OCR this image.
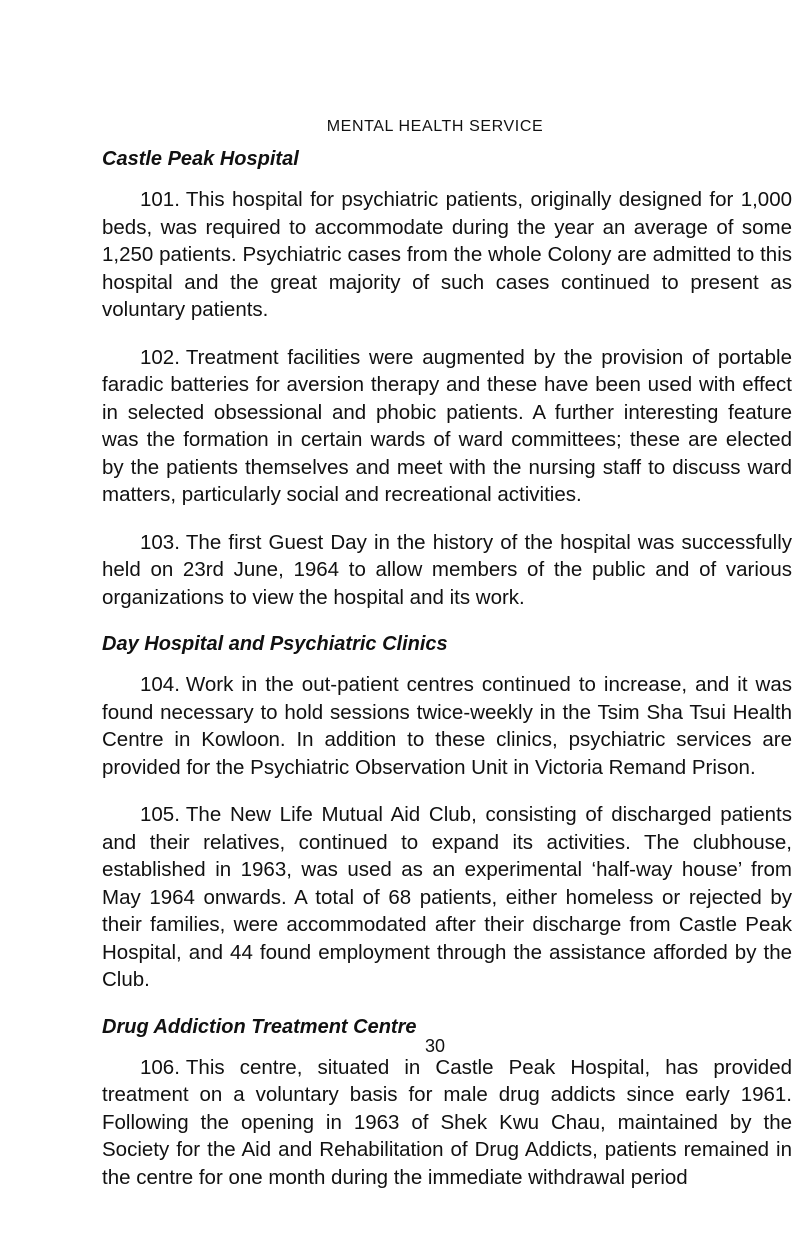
MENTAL HEALTH SERVICE
Castle Peak Hospital

101. This hospital for psychiatric patients, originally designed for 1,000 beds, was required to accommodate during the year an average of some 1,250 patients. Psychiatric cases from the whole Colony are admitted to this hospital and the great majority of such cases continued to present as voluntary patients.

102. Treatment facilities were augmented by the provision of portable faradic batteries for aversion therapy and these have been used with effect in selected obsessional and phobic patients. A further interesting feature was the formation in certain wards of ward committees; these are elected by the patients themselves and meet with the nursing staff to discuss ward matters, particularly social and recreational activities.

103. The first Guest Day in the history of the hospital was successfully held on 23rd June, 1964 to allow members of the public and of various organizations to view the hospital and its work.

Day Hospital and Psychiatric Clinics

104. Work in the out-patient centres continued to increase, and it was found necessary to hold sessions twice-weekly in the Tsim Sha Tsui Health Centre in Kowloon. In addition to these clinics, psychiatric services are provided for the Psychiatric Observation Unit in Victoria Remand Prison.

105. The New Life Mutual Aid Club, consisting of discharged patients and their relatives, continued to expand its activities. The clubhouse, established in 1963, was used as an experimental ‘half-way house’ from May 1964 onwards. A total of 68 patients, either homeless or rejected by their families, were accommodated after their discharge from Castle Peak Hospital, and 44 found employment through the assistance afforded by the Club.

Drug Addiction Treatment Centre

106. This centre, situated in Castle Peak Hospital, has provided treatment on a voluntary basis for male drug addicts since early 1961. Following the opening in 1963 of Shek Kwu Chau, maintained by the Society for the Aid and Rehabilitation of Drug Addicts, patients remained in the centre for one month during the immediate withdrawal period

30
